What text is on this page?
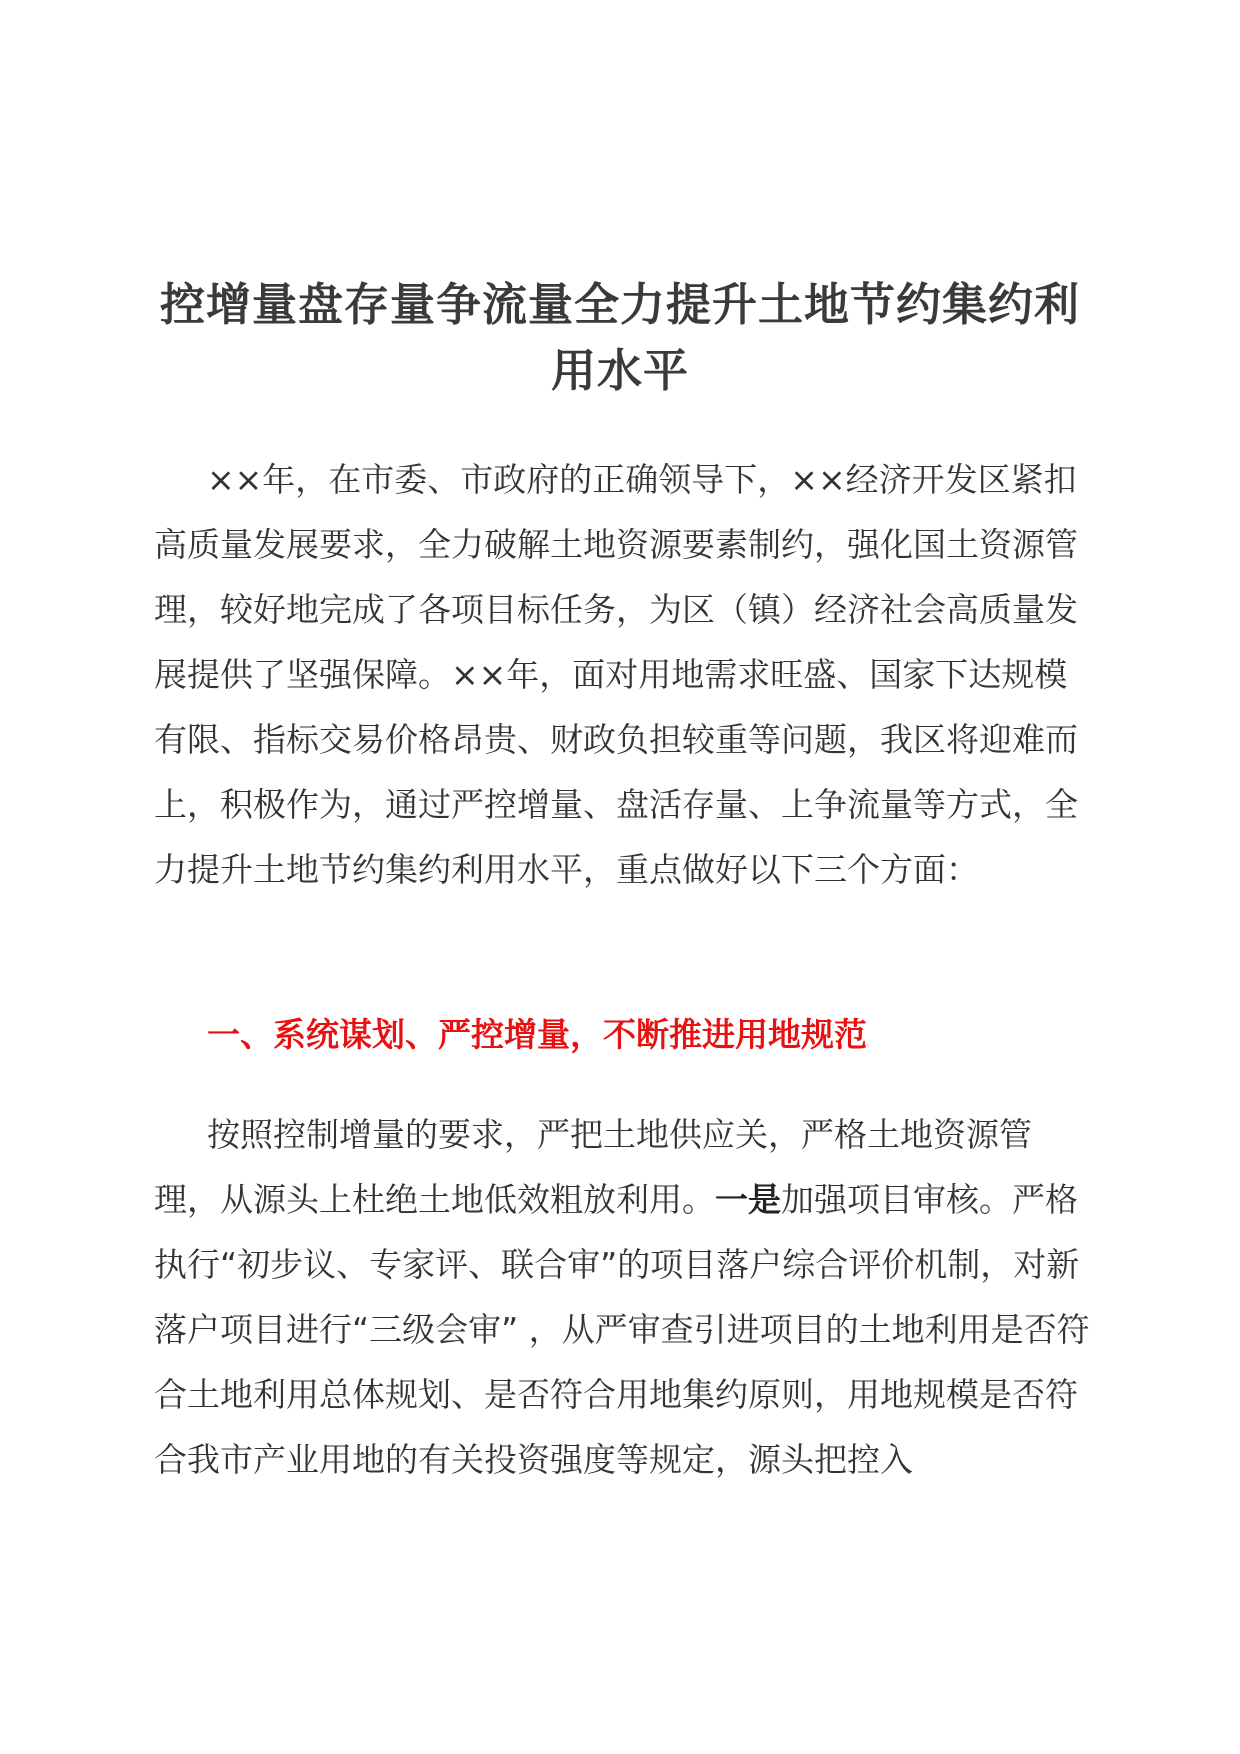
控增量盘存量争流量全力提升土地节约集约利用水平

××年，在市委、市政府的正确领导下，××经济开发区紧扣高质量发展要求，全力破解土地资源要素制约，强化国土资源管理，较好地完成了各项目标任务，为区（镇）经济社会高质量发展提供了坚强保障。××年，面对用地需求旺盛、国家下达规模有限、指标交易价格昂贵、财政负担较重等问题，我区将迎难而上，积极作为，通过严控增量、盘活存量、上争流量等方式，全力提升土地节约集约利用水平，重点做好以下三个方面：

一、系统谋划、严控增量，不断推进用地规范

按照控制增量的要求，严把土地供应关，严格土地资源管理，从源头上杜绝土地低效粗放利用。一是加强项目审核。严格执行“初步议、专家评、联合审”的项目落户综合评价机制，对新落户项目进行“三级会审” ，从严审查引进项目的土地利用是否符合土地利用总体规划、是否符合用地集约原则，用地规模是否符合我市产业用地的有关投资强度等规定，源头把控入
